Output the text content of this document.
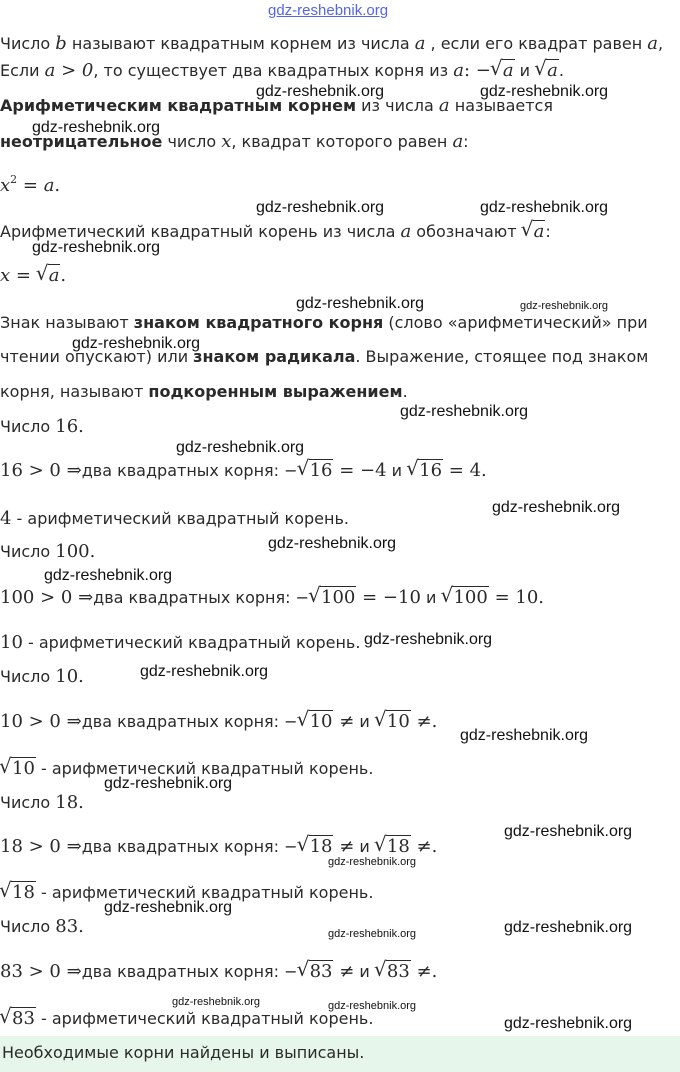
gdz-reshebnik.org
gdz-reshebnik.org	gdz-reshebnik.org
gdz-reshebnik.org
gdz-reshebnik.org	gdz-reshebnik.org
gdz-reshebnik.org
gdz-reshebnik.org	gdz-reshebnik.org
gdz-reshebnik.org
gdz-reshebnik.org
gdz-reshebnik.org
gdz-reshebnik.org
gdz-reshebnik.org
gdz-reshebnik.org
gdz-reshebnik.org
gdz-reshebnik.org
gdz-reshebnik.org
gdz-reshebnik.org
gdz-reshebnik.org
gdz-reshebnik.org
gdz-reshebnik.org
gdz-reshebnik.org
gdz-reshebnik.org
gdz-reshebnik.org	gdz-reshebnik.org
gdz-reshebnik.org
Число b называют квадратным корнем из числа a , если его квадрат равен a,
Если a > 0, то существует два квадратных корня из a: − √ a и √ a.
Арифметическим квадратным корнем из числа a называется
неотрицательное число x, квадрат которого равен a:
$x^2 = a$.
Арифметический квадратный корень из числа a обозначают √ a:
x = √ a.
Знак называют знаком квадратного корня (слово «арифметический» при
чтении опускают) или знаком радикала. Выражение, стоящее под знаком
корня, называют подкоренным выражением.
Число 16.
16 > 0 ⇒два квадратных корня: − √ 16 = −4 и √ 16 = 4.
4 - арифметический квадратный корень.
Число 100.
100 > 0 ⇒два квадратных корня: − √ 100 = −10 и √ 100 = 10.
10 - арифметический квадратный корень.
Число 10.
10 > 0 ⇒два квадратных корня: − √ 10 ≠ и √ 10 ≠.
√ 10 - арифметический квадратный корень.
Число 18.
18 > 0 ⇒два квадратных корня: − √ 18 ≠ и √ 18 ≠.
√ 18 - арифметический квадратный корень.
Число 83.
83 > 0 ⇒два квадратных корня: − √ 83 ≠ и √ 83 ≠.
√ 83 - арифметический квадратный корень.
Необходимые корни найдены и выписаны.
